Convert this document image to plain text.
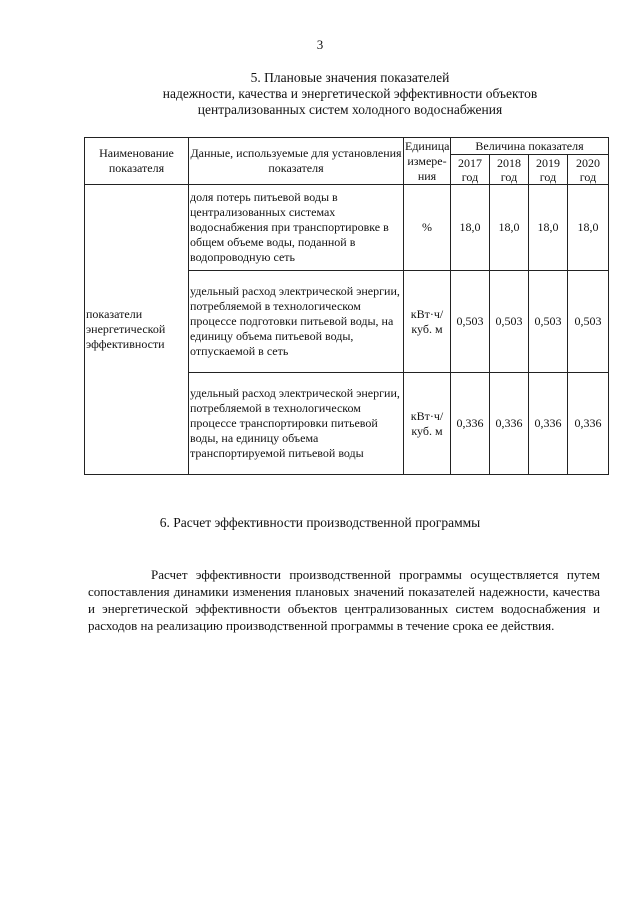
3
5. Плановые значения показателей
надежности, качества и энергетической эффективности объектов
централизованных систем холодного водоснабжения
Наименование показателя	Данные, используемые для установления показателя	Единица измере-ния	Величина показателя			
			2017 год	2018 год	2019 год	2020 год
показатели энергетической эффективности	доля потерь питьевой воды в централизованных системах водоснабжения при транспортировке в общем объеме воды, поданной в водопроводную сеть	%	18,0	18,0	18,0	18,0
	удельный расход электрической энергии, потребляемой в технологическом процессе подготовки питьевой воды, на единицу объема питьевой воды, отпускаемой в сеть	кВт·ч/ куб. м	0,503	0,503	0,503	0,503
	удельный расход электрической энергии, потребляемой в технологическом процессе транспортировки питьевой воды, на единицу объема транспортируемой питьевой воды	кВт·ч/ куб. м	0,336	0,336	0,336	0,336
6. Расчет эффективности производственной программы
Расчет эффективности производственной программы осуществляется путем сопоставления динамики изменения плановых значений показателей надежности, качества и энергетической эффективности объектов централизованных систем водоснабжения и расходов на реализацию производственной программы в течение срока ее действия.
